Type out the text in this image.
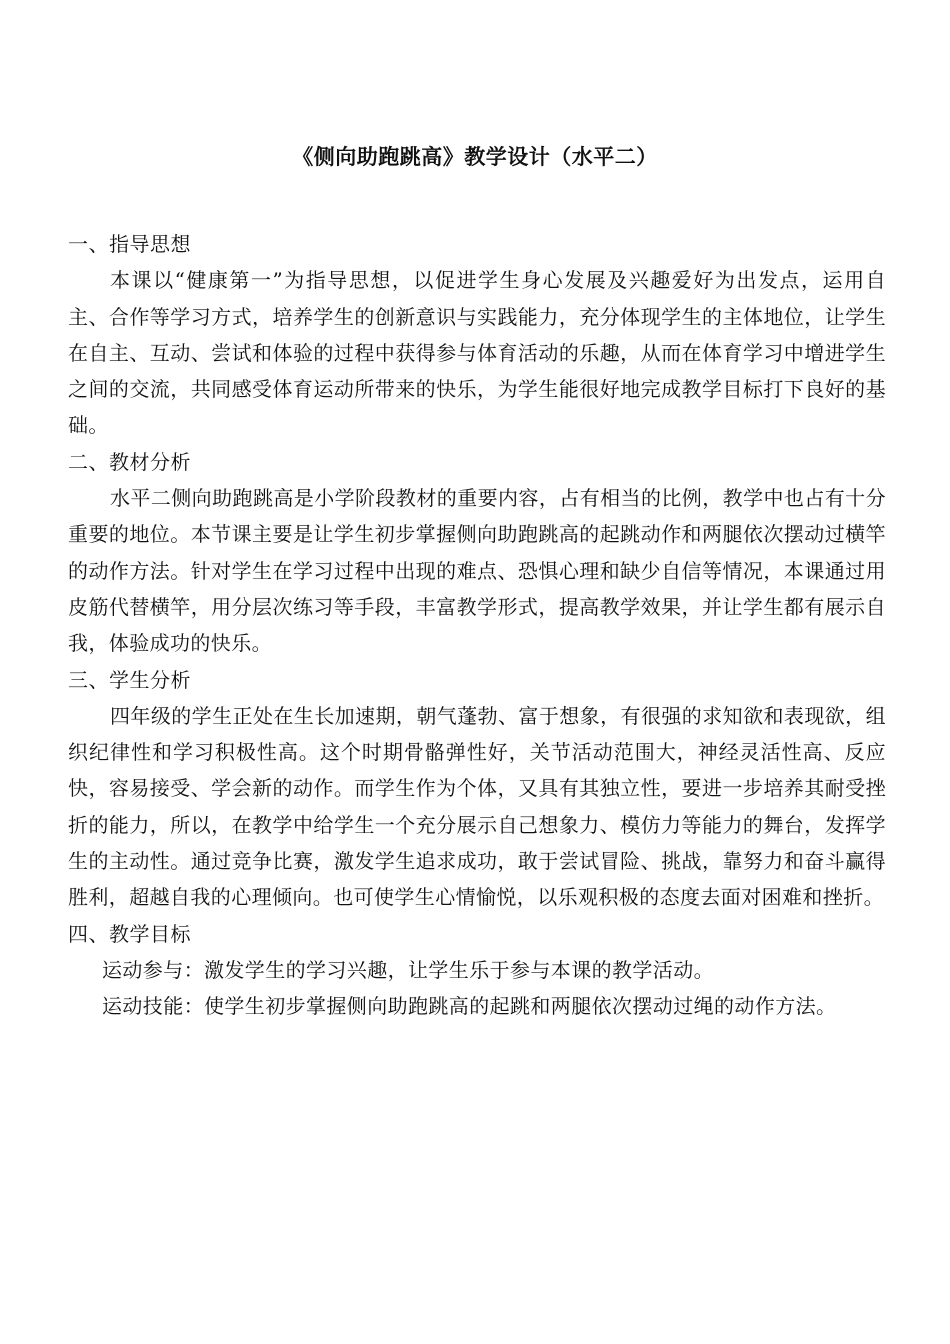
《侧向助跑跳高》教学设计（水平二）

一、指导思想

本课以“健康第一”为指导思想，以促进学生身心发展及兴趣爱好为出发点，运用自主、合作等学习方式，培养学生的创新意识与实践能力，充分体现学生的主体地位，让学生在自主、互动、尝试和体验的过程中获得参与体育活动的乐趣，从而在体育学习中增进学生之间的交流，共同感受体育运动所带来的快乐，为学生能很好地完成教学目标打下良好的基础。

二、教材分析

水平二侧向助跑跳高是小学阶段教材的重要内容，占有相当的比例，教学中也占有十分重要的地位。本节课主要是让学生初步掌握侧向助跑跳高的起跳动作和两腿依次摆动过横竿的动作方法。针对学生在学习过程中出现的难点、恐惧心理和缺少自信等情况，本课通过用皮筋代替横竿，用分层次练习等手段，丰富教学形式，提高教学效果，并让学生都有展示自我，体验成功的快乐。

三、学生分析

四年级的学生正处在生长加速期，朝气蓬勃、富于想象，有很强的求知欲和表现欲，组织纪律性和学习积极性高。这个时期骨骼弹性好，关节活动范围大，神经灵活性高、反应快，容易接受、学会新的动作。而学生作为个体，又具有其独立性，要进一步培养其耐受挫折的能力，所以，在教学中给学生一个充分展示自己想象力、模仿力等能力的舞台，发挥学生的主动性。通过竞争比赛，激发学生追求成功，敢于尝试冒险、挑战，靠努力和奋斗赢得胜利，超越自我的心理倾向。也可使学生心情愉悦，以乐观积极的态度去面对困难和挫折。

四、教学目标

运动参与：激发学生的学习兴趣，让学生乐于参与本课的教学活动。

运动技能：使学生初步掌握侧向助跑跳高的起跳和两腿依次摆动过绳的动作方法。
